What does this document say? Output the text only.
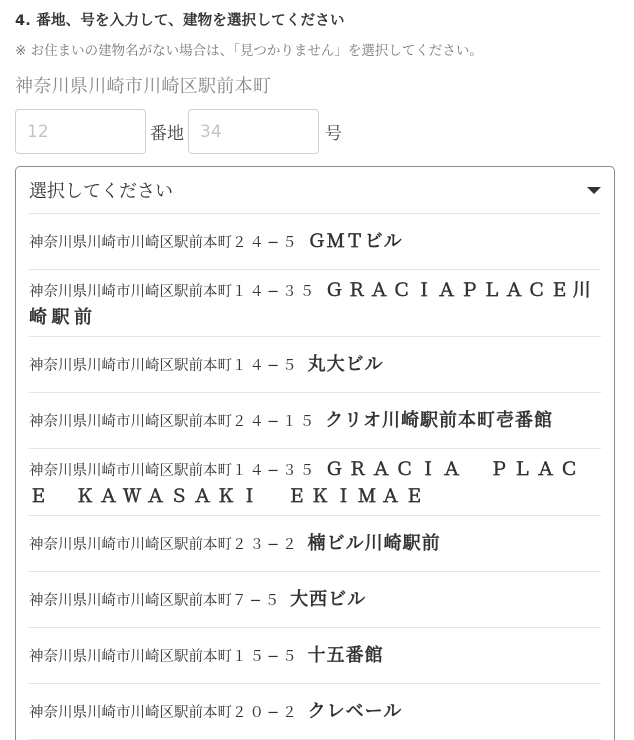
4. 番地、号を入力して、建物を選択してください
※ お住まいの建物名がない場合は、「見つかりません」を選択してください。
神奈川県川崎市川崎区駅前本町
12
番地
34	号
選択してください
神奈川県川崎市川崎区駅前本町２４−５ ＧＭＴビル
神奈川県川崎市川崎区駅前本町１４−３５ ＧＲＡＣＩＡＰＬＡＣＥ川崎駅前
神奈川県川崎市川崎区駅前本町１４−５ 丸大ビル
神奈川県川崎市川崎区駅前本町２４−１５ クリオ川崎駅前本町壱番館
神奈川県川崎市川崎区駅前本町１４−３５ ＧＲＡＣＩＡ　ＰＬＡＣＥ　ＫＡＷＡＳＡＫＩ　ＥＫＩＭＡＥ
神奈川県川崎市川崎区駅前本町２３−２ 楠ビル川崎駅前
神奈川県川崎市川崎区駅前本町７−５ 大西ビル
神奈川県川崎市川崎区駅前本町１５−５ 十五番館
神奈川県川崎市川崎区駅前本町２０−２ クレベール
